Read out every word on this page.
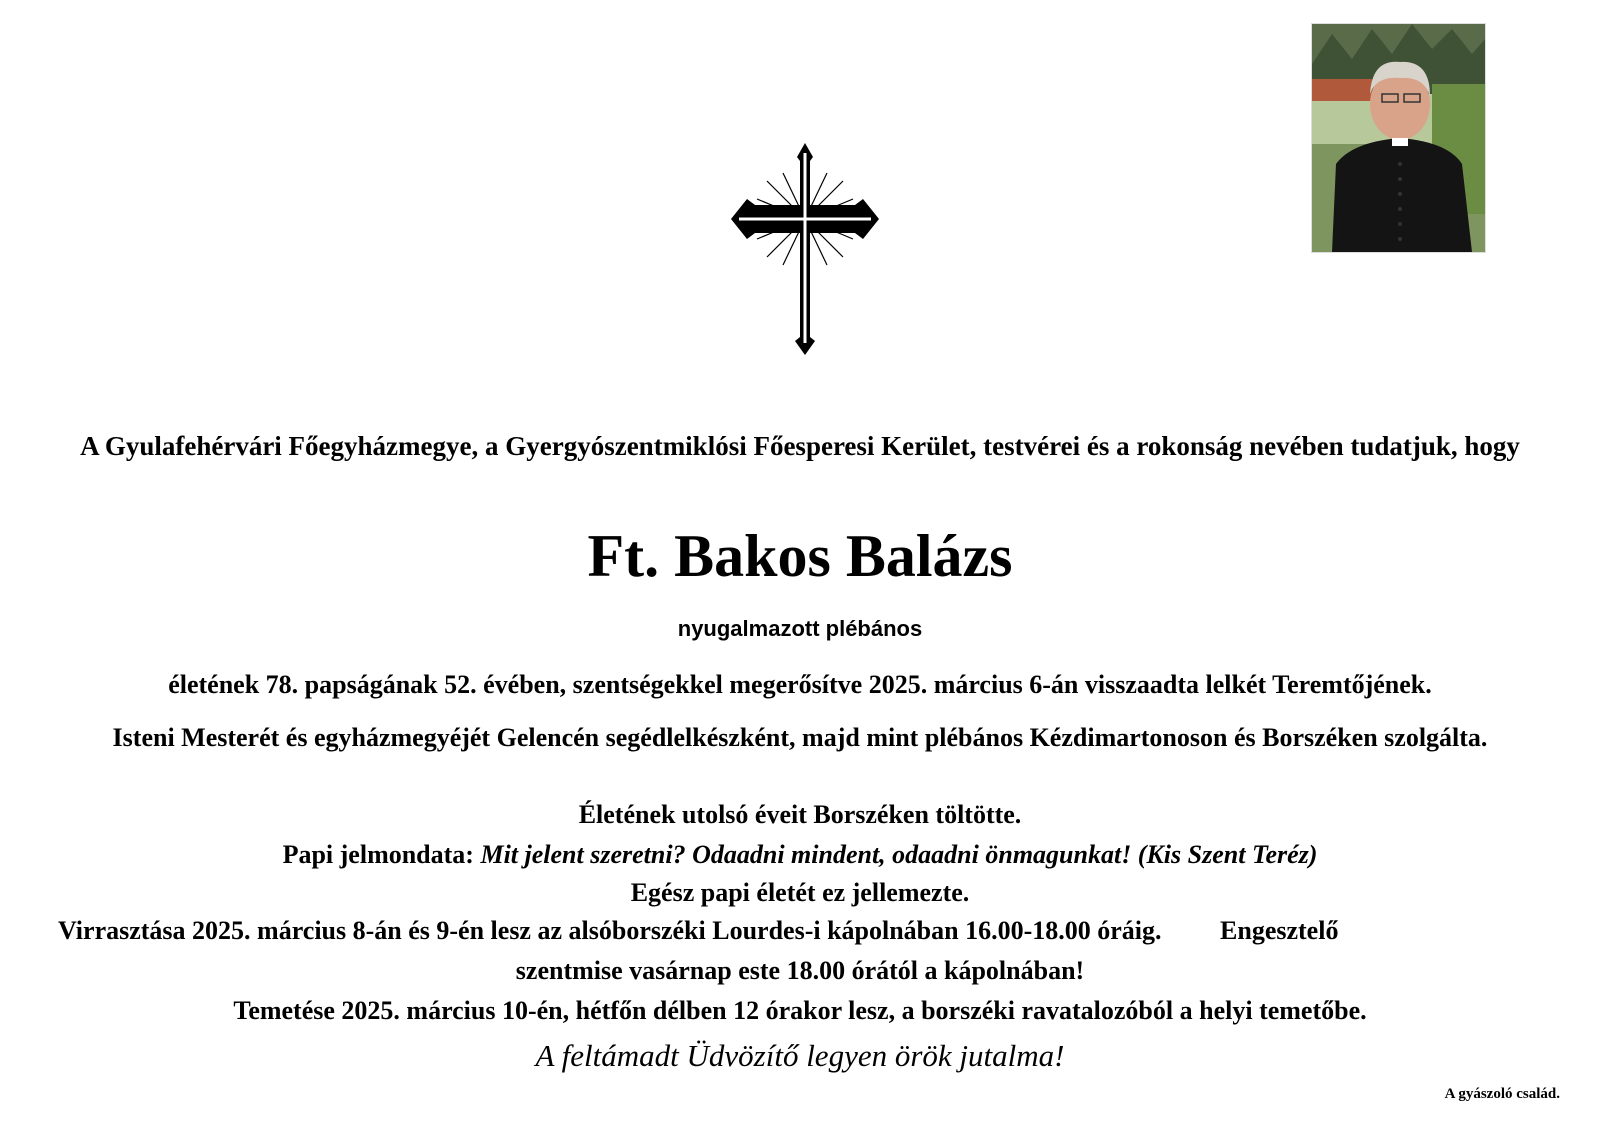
A Gyulafehérvári Főegyházmegye, a Gyergyószentmiklósi Főesperesi Kerület, testvérei és a rokonság nevében tudatjuk, hogy
Ft. Bakos Balázs
nyugalmazott plébános
életének 78. papságának 52. évében, szentségekkel megerősítve 2025. március 6-án visszaadta lelkét Teremtőjének.
Isteni Mesterét és egyházmegyéjét Gelencén segédlelkészként, majd mint plébános Kézdimartonoson és Borszéken szolgálta.
Életének utolsó éveit Borszéken töltötte.
Papi jelmondata: Mit jelent szeretni? Odaadni mindent, odaadni önmagunkat! (Kis Szent Teréz)
Egész papi életét ez jellemezte.
Virrasztása 2025. március 8-án és 9-én lesz az alsóborszéki Lourdes-i kápolnában 16.00-18.00 óráig.         Engesztelő
szentmise vasárnap este 18.00 órától a kápolnában!
Temetése 2025. március 10-én, hétfőn délben 12 órakor lesz, a borszéki ravatalozóból a helyi temetőbe.
A feltámadt Üdvözítő legyen örök jutalma!
A gyászoló család.
